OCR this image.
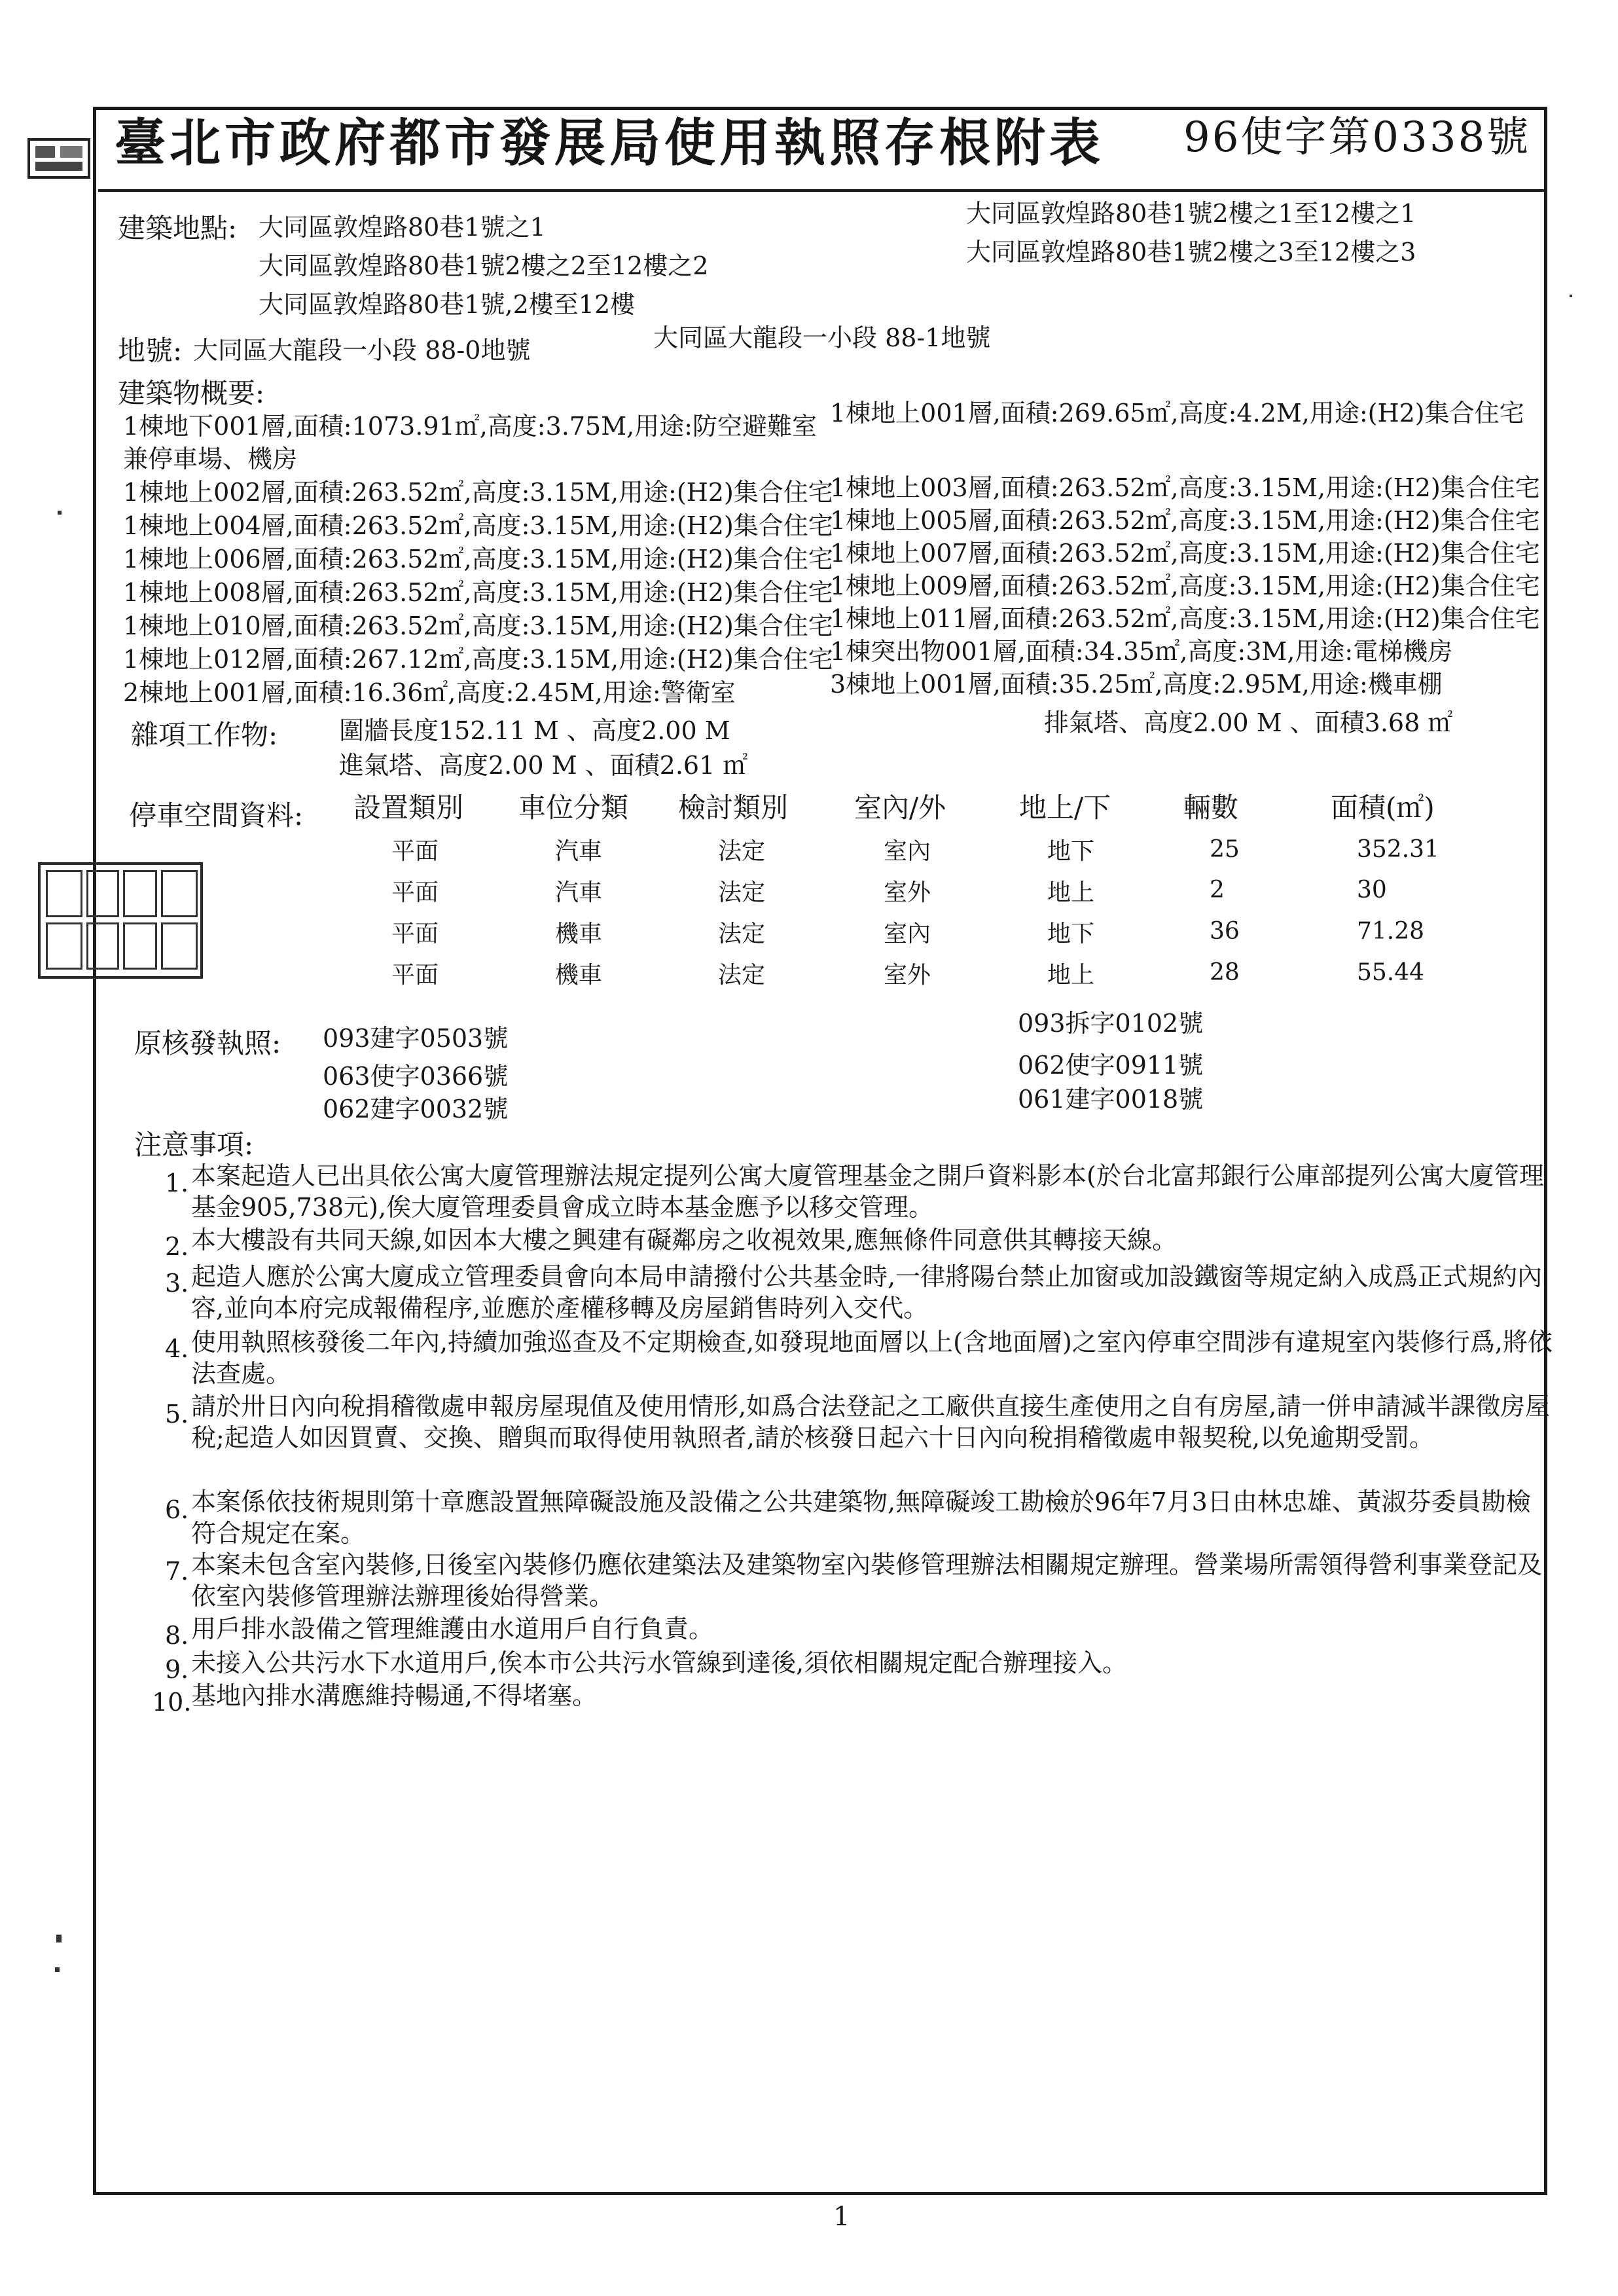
臺北市政府都市發展局使用執照存根附表 96使字第0338號
建築地點: 大同區敦煌路80巷1號之1
大同區敦煌路80巷1號2樓之2至12樓之2
大同區敦煌路80巷1號,2樓至12樓
大同區敦煌路80巷1號2樓之1至12樓之1
大同區敦煌路80巷1號2樓之3至12樓之3
地號: 大同區大龍段一小段 88-0地號	大同區大龍段一小段 88-1地號
建築物概要:
1棟地下001層,面積:1073.91㎡,高度:3.75M,用途:防空避難室 1棟地上001層,面積:269.65㎡,高度:4.2M,用途:(H2)集合住宅
兼停車場、機房
1棟地上002層,面積:263.52㎡,高度:3.15M,用途:(H2)集合住宅
1棟地上003層,面積:263.52㎡,高度:3.15M,用途:(H2)集合住宅
1棟地上004層,面積:263.52㎡,高度:3.15M,用途:(H2)集合住宅
1棟地上005層,面積:263.52㎡,高度:3.15M,用途:(H2)集合住宅
1棟地上006層,面積:263.52㎡,高度:3.15M,用途:(H2)集合住宅
1棟地上007層,面積:263.52㎡,高度:3.15M,用途:(H2)集合住宅
1棟地上008層,面積:263.52㎡,高度:3.15M,用途:(H2)集合住宅
1棟地上009層,面積:263.52㎡,高度:3.15M,用途:(H2)集合住宅
1棟地上010層,面積:263.52㎡,高度:3.15M,用途:(H2)集合住宅
1棟地上011層,面積:263.52㎡,高度:3.15M,用途:(H2)集合住宅
1棟地上012層,面積:267.12㎡,高度:3.15M,用途:(H2)集合住宅
1棟突出物001層,面積:34.35㎡,高度:3M,用途:電梯機房
2棟地上001層,面積:16.36㎡,高度:2.45M,用途:警衛室	3棟地上001層,面積:35.25㎡,高度:2.95M,用途:機車棚
雜項工作物: 圍牆長度152.11 M 、高度2.00 M	排氣塔、高度2.00 M 、面積3.68 ㎡
進氣塔、高度2.00 M 、面積2.61 ㎡
停車空間資料: 設置類別 車位分類 檢討類別 室內/外	地上/下	輛數	面積(㎡)
平面	汽車	法定	室內	地下	25	352.31
平面	汽車	法定	室外	地上	2	30
平面	機車	法定	室內	地下	36	71.28
平面	機車	法定	室外	地上	28	55.44
原核發執照: 093建字0503號
063使字0366號
062建字0032號
093拆字0102號
062使字0911號
061建字0018號
注意事項:
1. 本案起造人已出具依公寓大廈管理辦法規定提列公寓大廈管理基金之開戶資料影本(於台北富邦銀行公庫部提列公寓大廈管理基金905,738元),俟大廈管理委員會成立時本基金應予以移交管理。
2. 本大樓設有共同天線,如因本大樓之興建有礙鄰房之收視效果,應無條件同意供其轉接天線。
3. 起造人應於公寓大廈成立管理委員會向本局申請撥付公共基金時,一律將陽台禁止加窗或加設鐵窗等規定納入成爲正式規約內容,並向本府完成報備程序,並應於產權移轉及房屋銷售時列入交代。
4. 使用執照核發後二年內,持續加強巡查及不定期檢查,如發現地面層以上(含地面層)之室內停車空間涉有違規室內裝修行爲,將依法查處。
5. 請於卅日內向稅捐稽徵處申報房屋現值及使用情形,如爲合法登記之工廠供直接生產使用之自有房屋,請一併申請減半課徵房屋稅;起造人如因買賣、交換、贈與而取得使用執照者,請於核發日起六十日內向稅捐稽徵處申報契稅,以免逾期受罰。
6. 本案係依技術規則第十章應設置無障礙設施及設備之公共建築物,無障礙竣工勘檢於96年7月3日由林忠雄、黃淑芬委員勘檢符合規定在案。
7. 本案未包含室內裝修,日後室內裝修仍應依建築法及建築物室內裝修管理辦法相關規定辦理。營業場所需領得營利事業登記及依室內裝修管理辦法辦理後始得營業。
8. 用戶排水設備之管理維護由水道用戶自行負責。
9. 未接入公共污水下水道用戶,俟本市公共污水管線到達後,須依相關規定配合辦理接入。
10. 基地內排水溝應維持暢通,不得堵塞。
1
